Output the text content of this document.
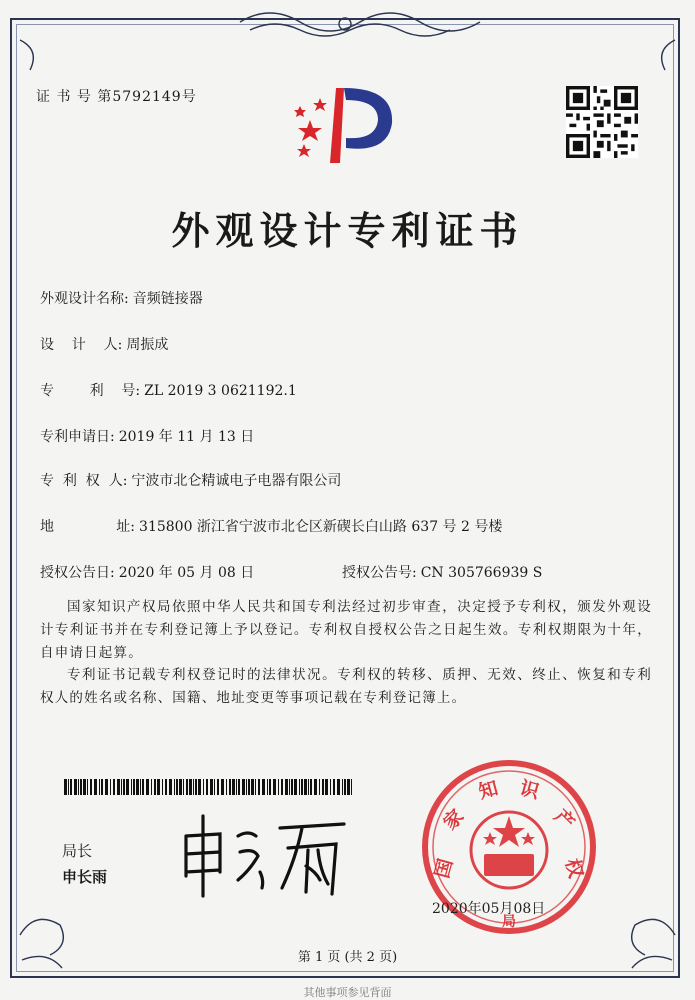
证 书 号 第5792149号
外观设计专利证书
外观设计名称: 音频链接器
设    计    人: 周振成
专        利    号: ZL 2019 3 0621192.1
专利申请日: 2019 年 11 月 13 日
专  利  权  人: 宁波市北仑精诚电子电器有限公司
地              址: 315800 浙江省宁波市北仑区新碶长白山路 637 号 2 号楼
授权公告日: 2020 年 05 月 08 日	授权公告号: CN 305766939 S
国家知识产权局依照中华人民共和国专利法经过初步审查，决定授予专利权，颁发外观设计专利证书并在专利登记簿上予以登记。专利权自授权公告之日起生效。专利权期限为十年，自申请日起算。
专利证书记载专利权登记时的法律状况。专利权的转移、质押、无效、终止、恢复和专利权人的姓名或名称、国籍、地址变更等事项记载在专利登记簿上。
局长
申长雨	国
家
知 识
产
权
局
2020年05月08日
第 1 页 (共 2 页)
其他事项参见背面
